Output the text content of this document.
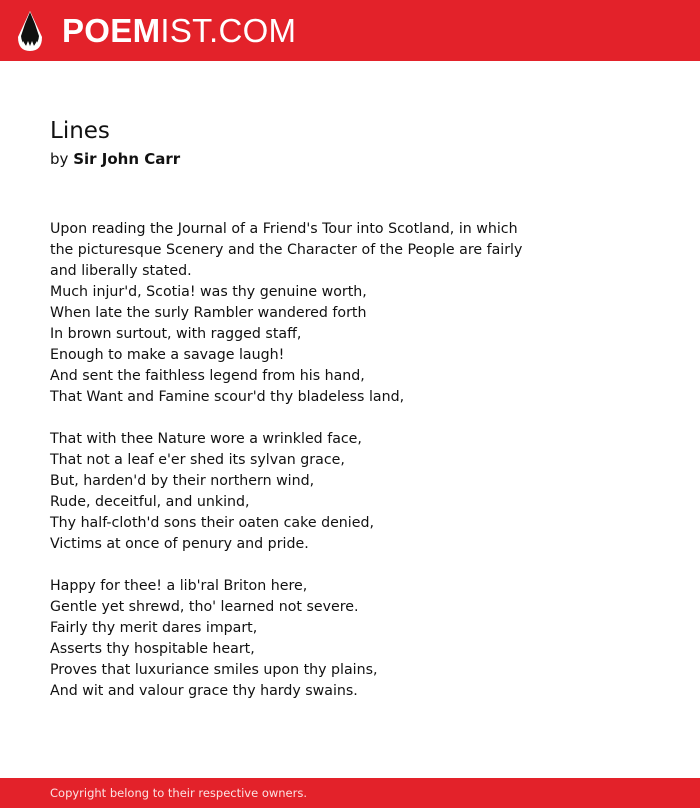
POEMIST.COM
Lines
by Sir John Carr
Upon reading the Journal of a Friend's Tour into Scotland, in which
the picturesque Scenery and the Character of the People are fairly
and liberally stated.
Much injur'd, Scotia! was thy genuine worth,
When late the surly Rambler wandered forth
In brown surtout, with ragged staff,
Enough to make a savage laugh!
And sent the faithless legend from his hand,
That Want and Famine scour'd thy bladeless land,
That with thee Nature wore a wrinkled face,
That not a leaf e'er shed its sylvan grace,
But, harden'd by their northern wind,
Rude, deceitful, and unkind,
Thy half-cloth'd sons their oaten cake denied,
Victims at once of penury and pride.
Happy for thee! a lib'ral Briton here,
Gentle yet shrewd, tho' learned not severe.
Fairly thy merit dares impart,
Asserts thy hospitable heart,
Proves that luxuriance smiles upon thy plains,
And wit and valour grace thy hardy swains.
Copyright belong to their respective owners.
